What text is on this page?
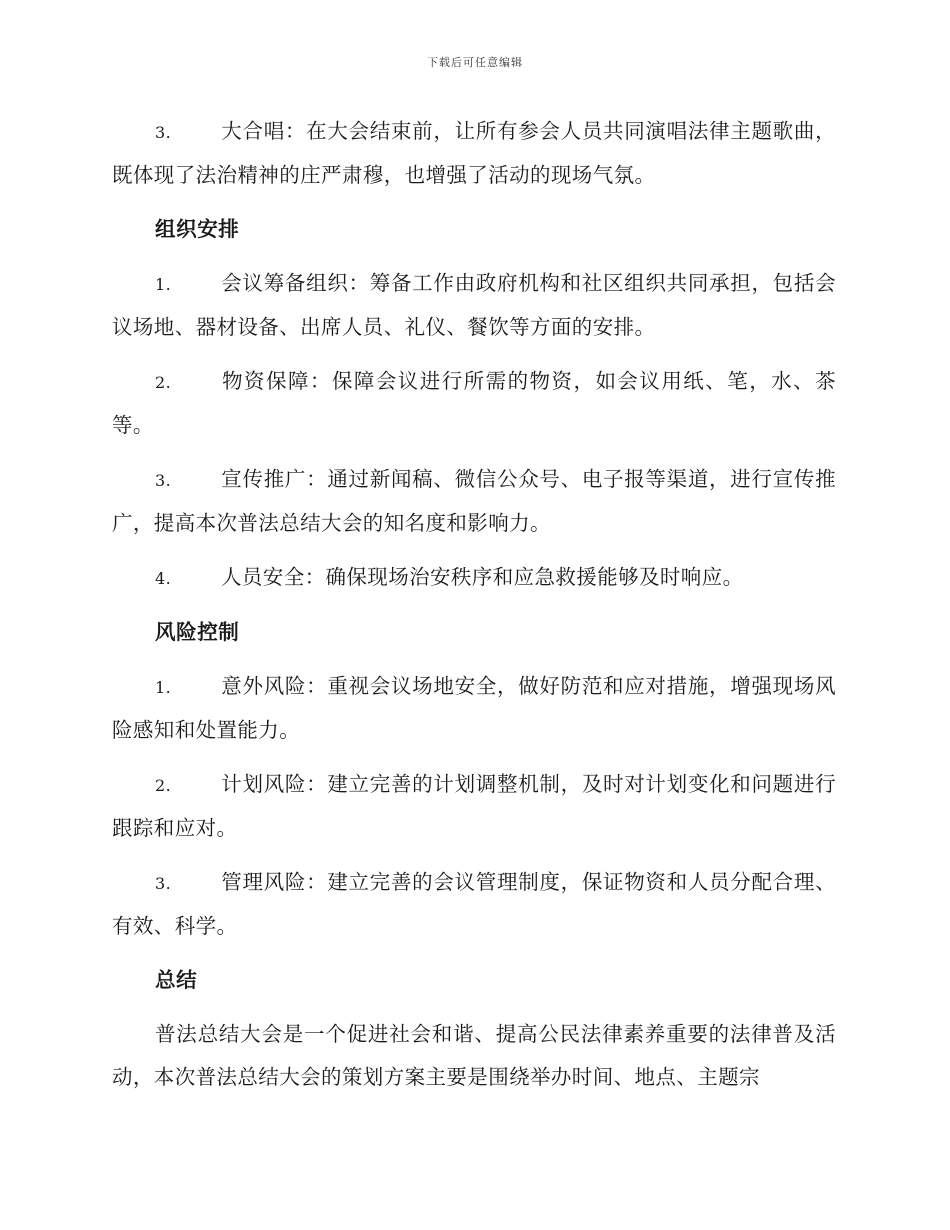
下载后可任意编辑

3. 大合唱：在大会结束前，让所有参会人员共同演唱法律主题歌曲，既体现了法治精神的庄严肃穆，也增强了活动的现场气氛。

组织安排

1. 会议筹备组织：筹备工作由政府机构和社区组织共同承担，包括会议场地、器材设备、出席人员、礼仪、餐饮等方面的安排。

2. 物资保障：保障会议进行所需的物资，如会议用纸、笔，水、茶等。

3. 宣传推广：通过新闻稿、微信公众号、电子报等渠道，进行宣传推广，提高本次普法总结大会的知名度和影响力。

4. 人员安全：确保现场治安秩序和应急救援能够及时响应。

风险控制

1. 意外风险：重视会议场地安全，做好防范和应对措施，增强现场风险感知和处置能力。

2. 计划风险：建立完善的计划调整机制，及时对计划变化和问题进行跟踪和应对。

3. 管理风险：建立完善的会议管理制度，保证物资和人员分配合理、有效、科学。

总结

普法总结大会是一个促进社会和谐、提高公民法律素养重要的法律普及活动，本次普法总结大会的策划方案主要是围绕举办时间、地点、主题宗
